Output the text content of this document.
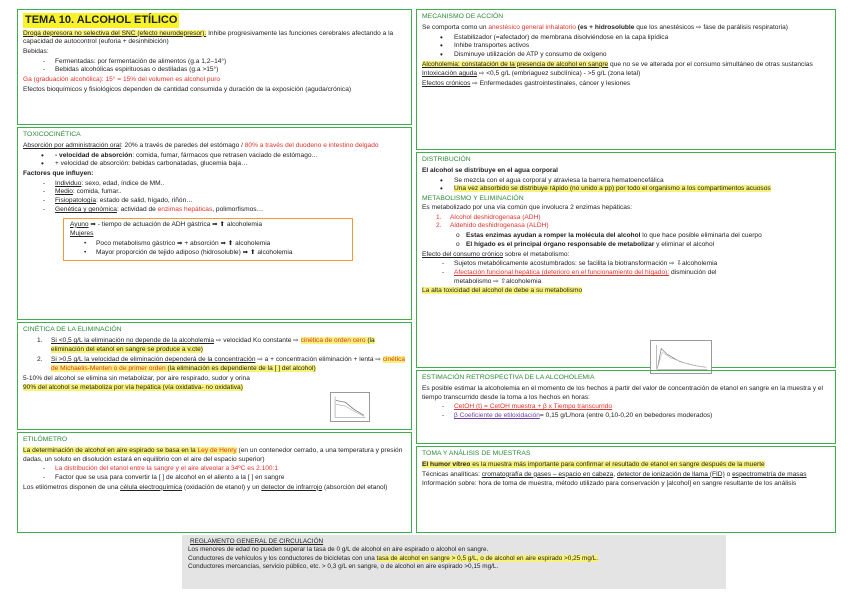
TEMA 10. ALCOHOL ETÍLICO

Droga depresora no selectiva del SNC (efecto neurodepresor). Inhibe progresivamente las funciones cerebrales afectando a la capacidad de autocontrol (euforia + desinhibición)

Bebidas:

- Fermentadas: por fermentación de alimentos (g.a 1,2–14°)
- Bebidas alcohólicas espirituosas o destiladas (g.a >15°)

Ga (graduación alcohólica): 15° = 15% del volumen es alcohol puro

Efectos bioquímicos y fisiológicos dependen de cantidad consumida y duración de la exposición (aguda/crónica)

TOXICOCINÉTICA

Absorción por administración oral: 20% a través de paredes del estómago / 80% a través del duodeno e intestino delgado

• - velocidad de absorción: comida, fumar, fármacos que retrasen vaciado de estómago…
• + velocidad de absorción: bebidas carbonatadas, glucemia baja…

Factores que influyen:

- Individuo: sexo, edad, índice de MM..
- Medio: comida, fumar..
- Fisiopatología: estado de salid, hígado, riñón…
- Genética y genómica: actividad de enzimas hepáticas, polimorfismos…

Ayuno ➡ - tiempo de actuación de ADH gástrica ➡ ⬆ alcoholemia

Mujeres

• Poco metabolismo gástrico ➡ + absorción ➡ ⬆ alcoholemia
• Mayor proporción de tejido adiposo (hidrosoluble) ➡ ⬆ alcoholemia
CINÉTICA DE LA ELIMINACIÓN
1. Si <0,5 g/L la eliminación no depende de la alcoholemia ⇨ velocidad Ko constante ⇨ cinética de orden cero (la eliminación del etanol en sangre se produce a v.cte)
2. Si >0,5 g/L la velocidad de eliminación dependerá de la concentración ⇨ a + concentración eliminación + lenta ⇨ cinética de Michaelis-Menten o de primer orden (la eliminación es dependiente de la [ ] del alcohol)

5-10% del alcohol se elimina sin metabolizar, por aire respirado, sudor y orina

90% del alcohol se metaboliza por vía hepática (vía oxidativa- no oxidativa)

ETILÓMETRO

La determinación de alcohol en aire espirado se basa en la Ley de Henry (en un contenedor cerrado, a una temperatura y presión dadas, un soluto en disolución estará en equilibrio con el aire del espacio superior)

- La distribución del etanol entre la sangre y el aire alveolar a 34ºC es 2.100:1
- Factor que se usa para convertir la [ ] de alcohol en el aliento a la [ ] en sangre

Los etilómetros disponen de una célula electroquímica (oxidación de etanol) y un detector de infrarrojo (absorción del etanol)

MECANISMO DE ACCIÓN

Se comporta como un anestésico general inhalatorio (es + hidrosoluble que los anestésicos ⇨ fase de parálisis respiratoria)

• Estabilizador (=afectador) de membrana disolviéndose en la capa lipídica
• Inhibe transportes activos
• Disminuye utilización de ATP y consumo de oxígeno

Alcoholemia: constatación de la presencia de alcohol en sangre que no se ve alterada por el consumo simultáneo de otras sustancias

Intoxicación aguda ⇨ <0,5 g/L (embriaguez subclínica) - >5 g/L (zona letal)

Efectos crónicos ⇨ Enfermedades gastrointestinales, cáncer y lesiones

DISTRIBUCIÓN

El alcohol se distribuye en el agua corporal

• Se mezcla con el agua corporal y atraviesa la barrera hematoencefálica
• Una vez absorbido se distribuye rápido (no unido a pp) por todo el organismo a los compartimentos acuosos
METABOLISMO Y ELIMINACIÓN

Es metabolizado por una vía común que involucra 2 enzimas hepáticas:

1. Alcohol deshidrogenasa (ADH)
2. Aldehído deshidrogenasa (ALDH)
o Estas enzimas ayudan a romper la molécula del alcohol lo que hace posible eliminarla del cuerpo
o El hígado es el principal órgano responsable de metabolizar y eliminar el alcohol

Efecto del consumo crónico sobre el metabolismo:

- Sujetos metabólicamente acostumbrados: se facilita la biotransformación ⇨ ⇩alcoholemia
- Afectación funcional hepática (deterioro en el funcionamiento del hígado): disminución del metabolismo ⇨ ⇧alcoholemia

La alta toxicidad del alcohol de debe a su metabolismo

ESTIMACIÓN RETROSPECTIVA DE LA ALCOHOLEMIA

Es posible estimar la alcoholemia en el momento de los hechos a partir del valor de concentración de etanol en sangre en la muestra y el tiempo transcurrido desde la toma a los hechos en horas:

- CetOH (t) = CetOH muestra + β x Tiempo transcurrido
- β Coeficiente de etiloxidación= 0,15 g/L/hora (entre 0,10-0,20 en bebedores moderados)
TOMA Y ANÁLISIS DE MUESTRAS

El humor vítreo es la muestra más importante para confirmar el resultado de etanol en sangre después de la muerte

Técnicas analíticas: cromatografía de gases – espacio en cabeza, detector de ionización de llama (FID) o espectrometría de masas

Información sobre: hora de toma de muestra, método utilizado para conservación y [alcohol] en sangre resultante de los análisis

REGLAMENTO GENERAL DE CIRCULACIÓN

Los menores de edad no pueden superar la tasa de 0 g/L de alcohol en aire espirado o alcohol en sangre.

Conductores de vehículos y los conductores de bicicletas con una tasa de alcohol en sangre > 0,5 g/L, o de alcohol en aire espirado >0,25 mg/L.

Conductores mercancías, servicio público, etc. > 0,3 g/L en sangre, o de alcohol en aire espirado >0,15 mg/L.
